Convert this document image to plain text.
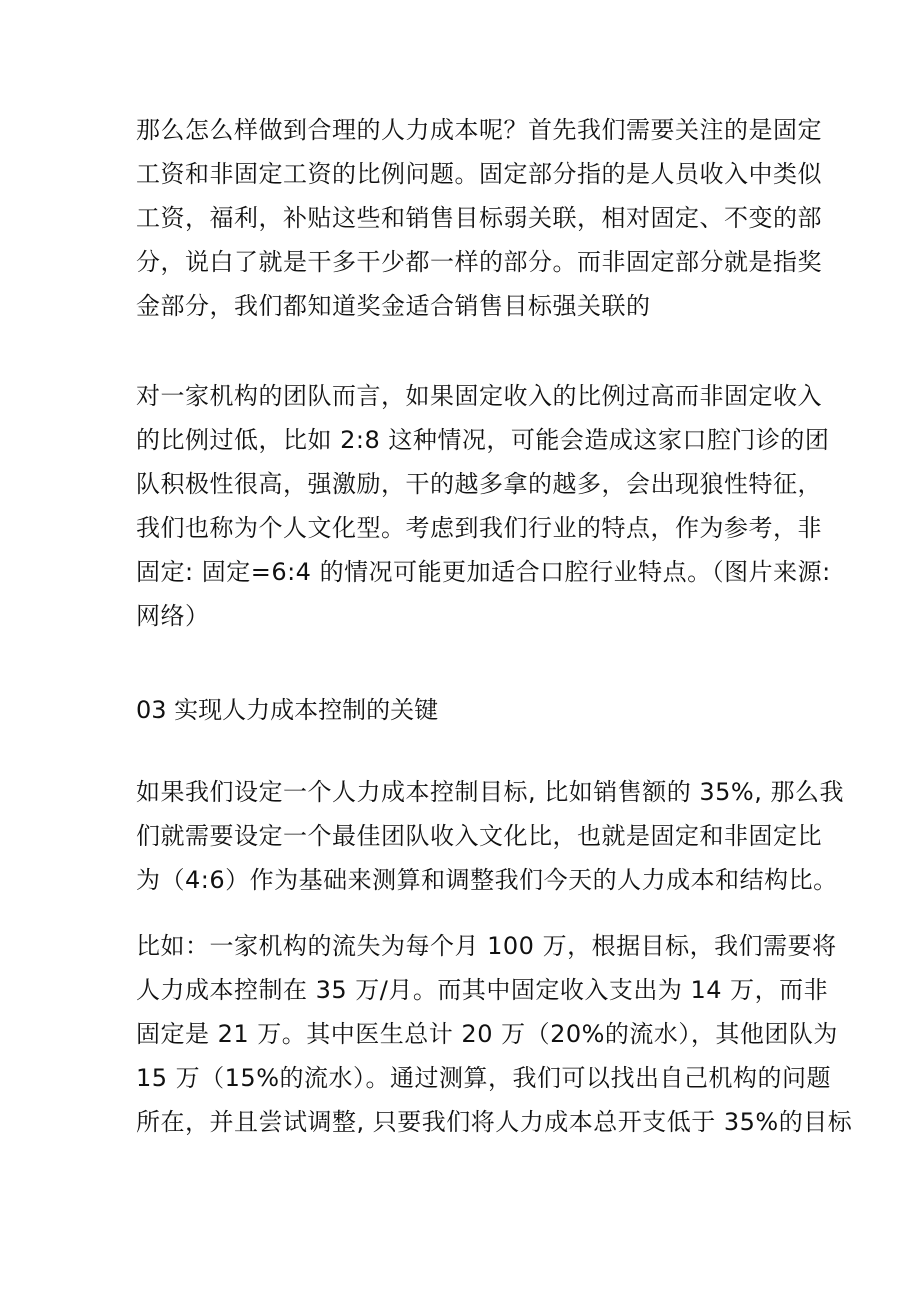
那么怎么样做到合理的人力成本呢？首先我们需要关注的是固定
工资和非固定工资的比例问题。固定部分指的是人员收入中类似
工资，福利，补贴这些和销售目标弱关联，相对固定、不变的部
分，说白了就是干多干少都一样的部分。而非固定部分就是指奖
金部分，我们都知道奖金适合销售目标强关联的
对一家机构的团队而言，如果固定收入的比例过高而非固定收入
的比例过低，比如 2:8 这种情况，可能会造成这家口腔门诊的团
队积极性很高，强激励，干的越多拿的越多，会出现狼性特征，
我们也称为个人文化型。考虑到我们行业的特点，作为参考，非
固定: 固定=6:4 的情况可能更加适合口腔行业特点。（图片来源:
网络）
03 实现人力成本控制的关键
如果我们设定一个人力成本控制目标, 比如销售额的 35%, 那么我
们就需要设定一个最佳团队收入文化比，也就是固定和非固定比
为（4:6）作为基础来测算和调整我们今天的人力成本和结构比。
比如：一家机构的流失为每个月 100 万，根据目标，我们需要将
人力成本控制在 35 万/月。而其中固定收入支出为 14 万，而非
固定是 21 万。其中医生总计 20 万（20%的流水），其他团队为
15 万（15%的流水）。通过测算，我们可以找出自己机构的问题
所在，并且尝试调整, 只要我们将人力成本总开支低于 35%的目标
